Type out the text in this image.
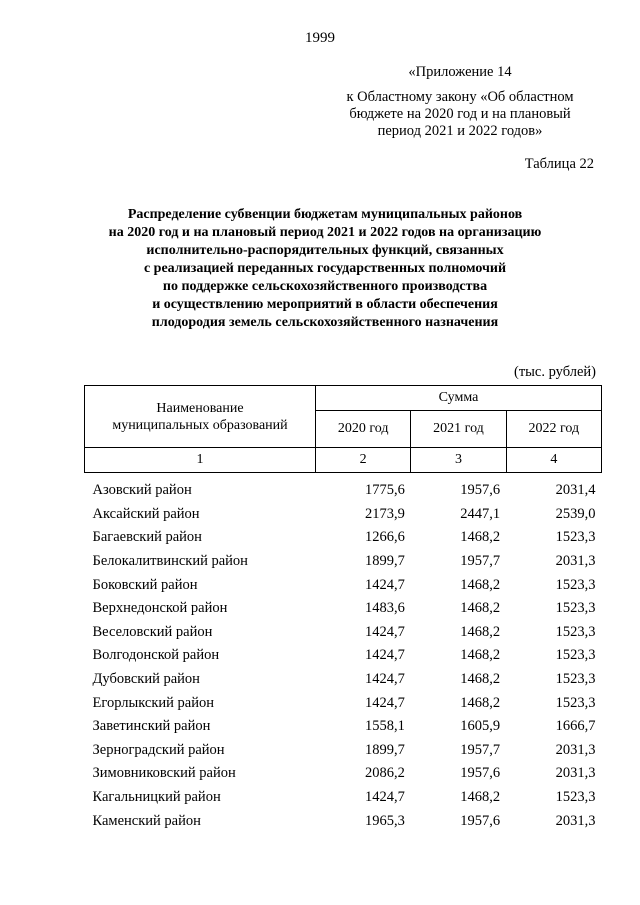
1999
«Приложение 14
к Областному закону «Об областном
бюджете на 2020 год и на плановый
период 2021 и 2022 годов»
Таблица 22
Распределение субвенции бюджетам муниципальных районов
на 2020 год и на плановый период 2021 и 2022 годов на организацию
исполнительно-распорядительных функций, связанных
с реализацией переданных государственных полномочий
по поддержке сельскохозяйственного производства
и осуществлению мероприятий в области обеспечения
плодородия земель сельскохозяйственного назначения
(тыс. рублей)
Наименование
муниципальных образований	Сумма		
	2020 год	2021 год	2022 год
1	2	3	4
Азовский район	1775,6	1957,6	2031,4
Аксайский район	2173,9	2447,1	2539,0
Багаевский район	1266,6	1468,2	1523,3
Белокалитвинский район	1899,7	1957,7	2031,3
Боковский район	1424,7	1468,2	1523,3
Верхнедонской район	1483,6	1468,2	1523,3
Веселовский район	1424,7	1468,2	1523,3
Волгодонской район	1424,7	1468,2	1523,3
Дубовский район	1424,7	1468,2	1523,3
Егорлыкский район	1424,7	1468,2	1523,3
Заветинский район	1558,1	1605,9	1666,7
Зерноградский район	1899,7	1957,7	2031,3
Зимовниковский район	2086,2	1957,6	2031,3
Кагальницкий район	1424,7	1468,2	1523,3
Каменский район	1965,3	1957,6	2031,3
